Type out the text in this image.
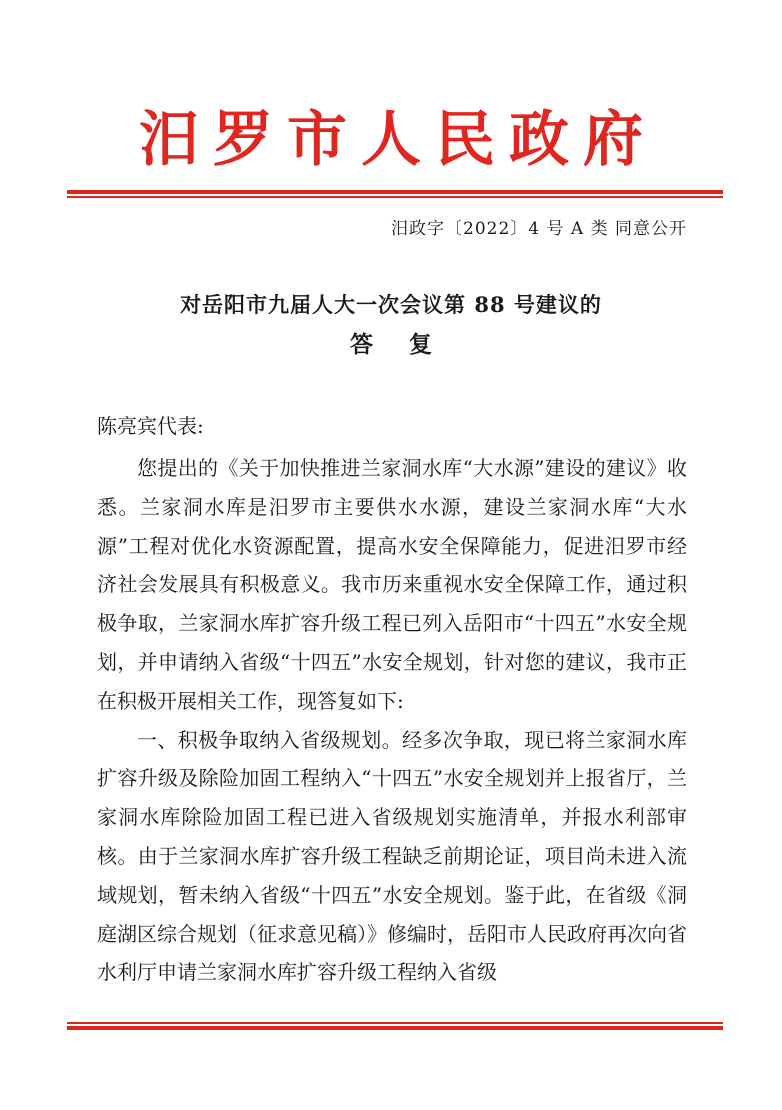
汨罗市人民政府
汨政字〔2022〕4 号 A 类 同意公开
对岳阳市九届人大一次会议第 88 号建议的
答复
陈亮宾代表:

您提出的《关于加快推进兰家洞水库“大水源”建设的建议》收悉。兰家洞水库是汨罗市主要供水水源，建设兰家洞水库“大水源”工程对优化水资源配置，提高水安全保障能力，促进汨罗市经济社会发展具有积极意义。我市历来重视水安全保障工作，通过积极争取，兰家洞水库扩容升级工程已列入岳阳市“十四五”水安全规划，并申请纳入省级“十四五”水安全规划，针对您的建议，我市正在积极开展相关工作，现答复如下:

一、积极争取纳入省级规划。经多次争取，现已将兰家洞水库扩容升级及除险加固工程纳入“十四五”水安全规划并上报省厅，兰家洞水库除险加固工程已进入省级规划实施清单，并报水利部审核。由于兰家洞水库扩容升级工程缺乏前期论证，项目尚未进入流域规划，暂未纳入省级“十四五”水安全规划。鉴于此，在省级《洞庭湖区综合规划（征求意见稿）》修编时，岳阳市人民政府再次向省水利厅申请兰家洞水库扩容升级工程纳入省级
